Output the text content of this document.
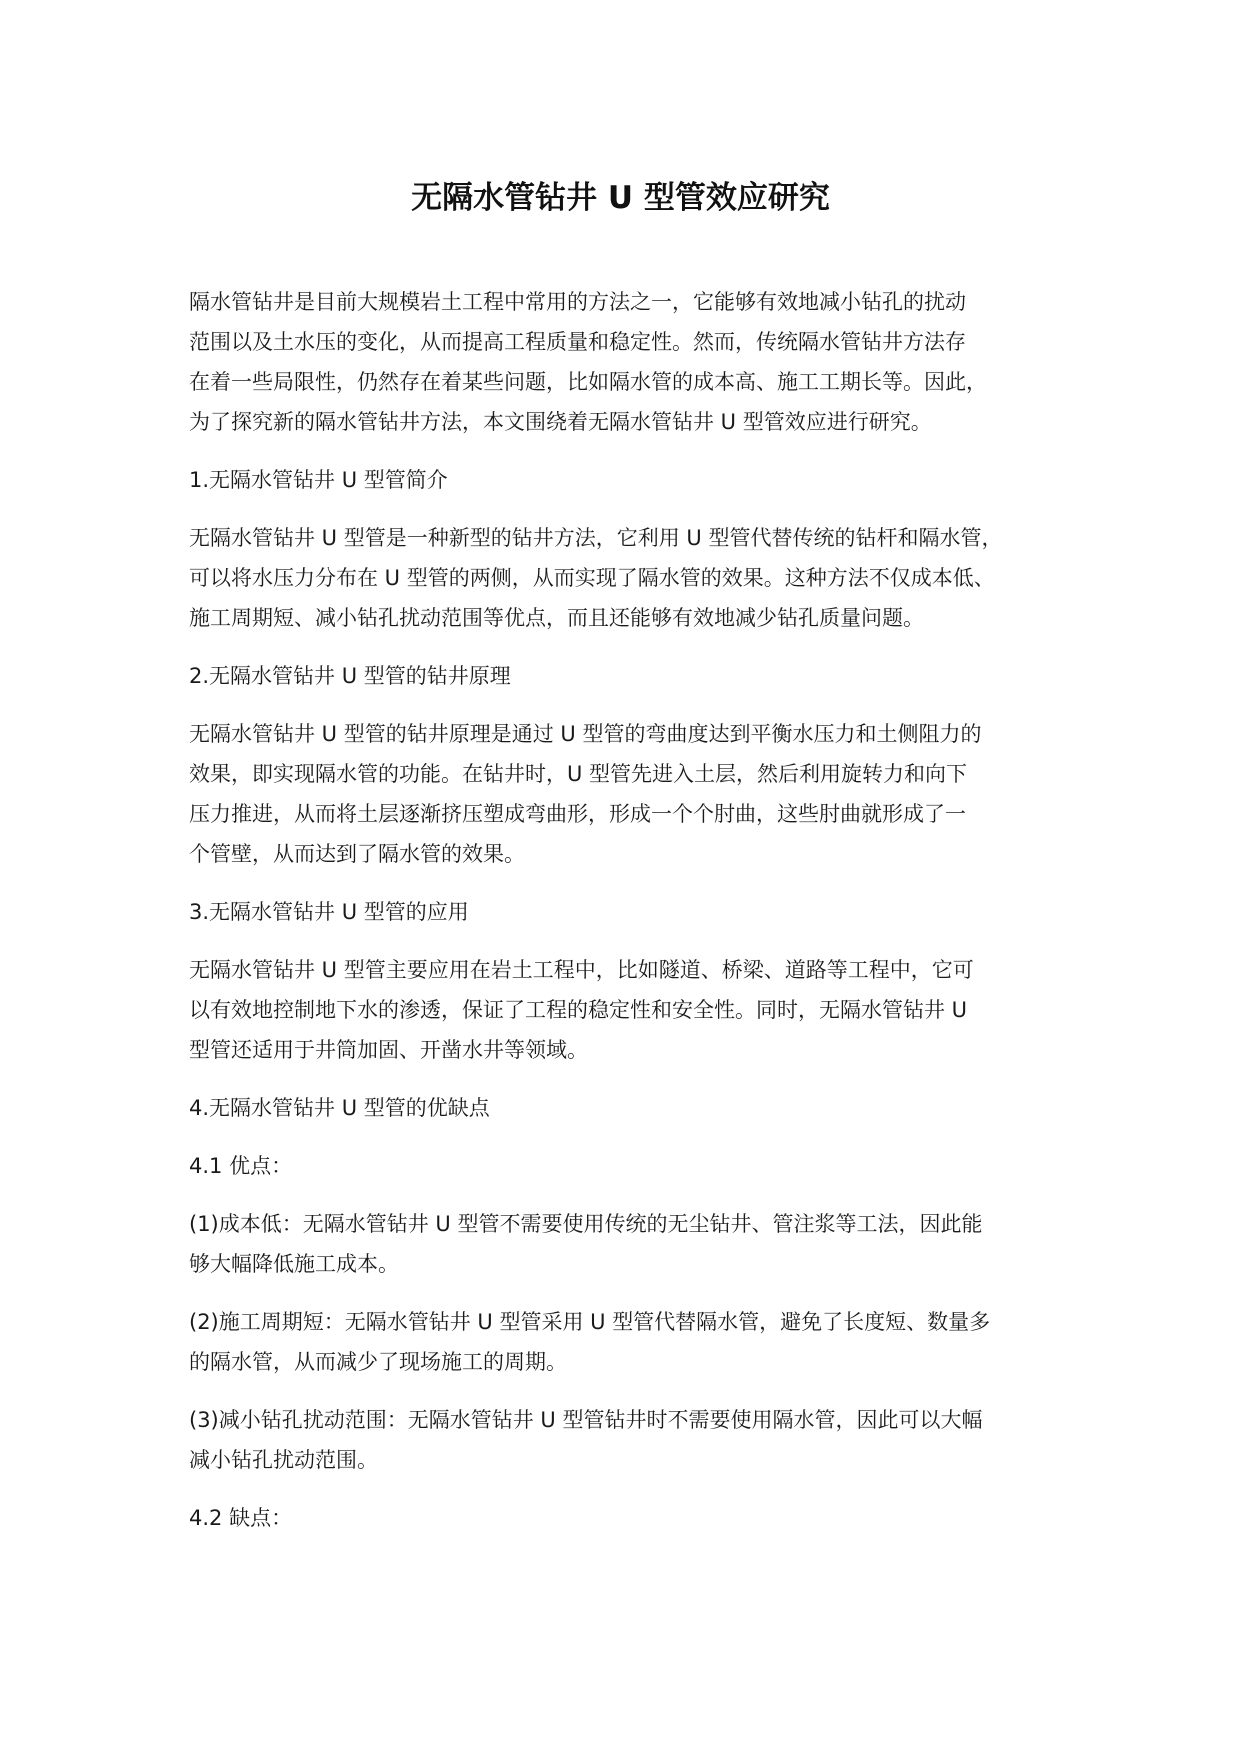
无隔水管钻井 U 型管效应研究

隔水管钻井是目前大规模岩土工程中常用的方法之一，它能够有效地减小钻孔的扰动
范围以及土水压的变化，从而提高工程质量和稳定性。然而，传统隔水管钻井方法存
在着一些局限性，仍然存在着某些问题，比如隔水管的成本高、施工工期长等。因此，
为了探究新的隔水管钻井方法，本文围绕着无隔水管钻井 U 型管效应进行研究。

1.无隔水管钻井 U 型管简介

无隔水管钻井 U 型管是一种新型的钻井方法，它利用 U 型管代替传统的钻杆和隔水管，
可以将水压力分布在 U 型管的两侧，从而实现了隔水管的效果。这种方法不仅成本低、
施工周期短、减小钻孔扰动范围等优点，而且还能够有效地减少钻孔质量问题。

2.无隔水管钻井 U 型管的钻井原理

无隔水管钻井 U 型管的钻井原理是通过 U 型管的弯曲度达到平衡水压力和土侧阻力的
效果，即实现隔水管的功能。在钻井时，U 型管先进入土层，然后利用旋转力和向下
压力推进，从而将土层逐渐挤压塑成弯曲形，形成一个个肘曲，这些肘曲就形成了一
个管壁，从而达到了隔水管的效果。

3.无隔水管钻井 U 型管的应用

无隔水管钻井 U 型管主要应用在岩土工程中，比如隧道、桥梁、道路等工程中，它可
以有效地控制地下水的渗透，保证了工程的稳定性和安全性。同时，无隔水管钻井 U
型管还适用于井筒加固、开凿水井等领域。

4.无隔水管钻井 U 型管的优缺点

4.1 优点：

(1)成本低：无隔水管钻井 U 型管不需要使用传统的无尘钻井、管注浆等工法，因此能
够大幅降低施工成本。

(2)施工周期短：无隔水管钻井 U 型管采用 U 型管代替隔水管，避免了长度短、数量多
的隔水管，从而减少了现场施工的周期。

(3)减小钻孔扰动范围：无隔水管钻井 U 型管钻井时不需要使用隔水管，因此可以大幅
减小钻孔扰动范围。

4.2 缺点：
